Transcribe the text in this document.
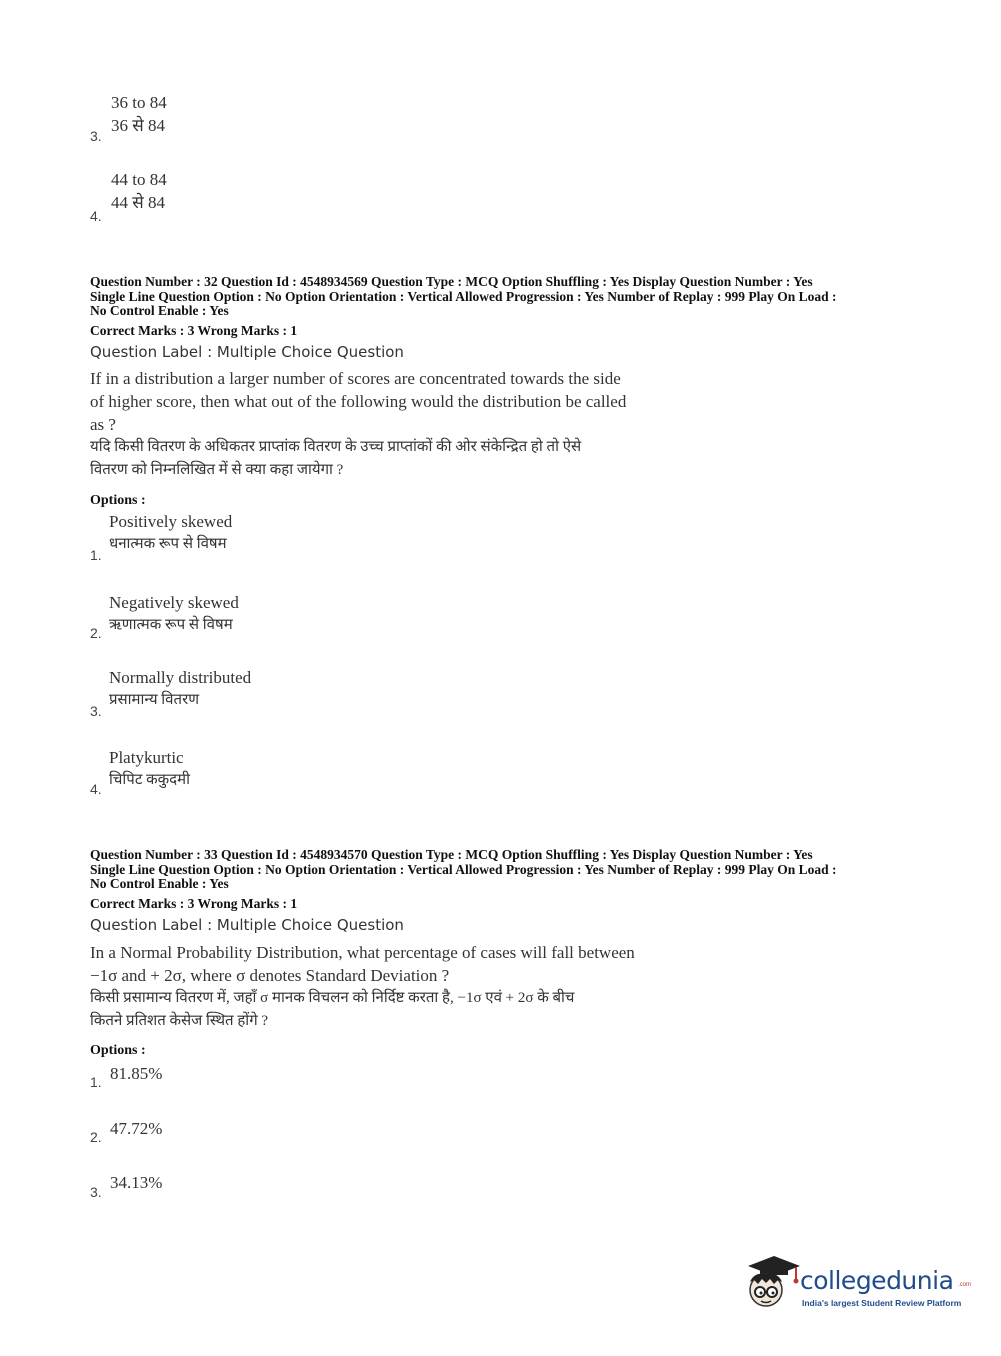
36 to 84
36 से 84
3.
44 to 84
44 से 84
4.
Question Number : 32 Question Id : 4548934569 Question Type : MCQ Option Shuffling : Yes Display Question Number : Yes
Single Line Question Option : No Option Orientation : Vertical Allowed Progression : Yes Number of Replay : 999 Play On Load :
No Control Enable : Yes
Correct Marks : 3 Wrong Marks : 1
Question Label : Multiple Choice Question
If in a distribution a larger number of scores are concentrated towards the side
of higher score, then what out of the following would the distribution be called
as ?
यदि किसी वितरण के अधिकतर प्राप्तांक वितरण के उच्च प्राप्तांकों की ओर संकेन्द्रित हो तो ऐसे
वितरण को निम्नलिखित में से क्या कहा जायेगा ?
Options :
Positively skewed
धनात्मक रूप से विषम
1.
Negatively skewed
ऋणात्मक रूप से विषम
2.
Normally distributed
प्रसामान्य वितरण
3.
Platykurtic
चिपिट ककुदमी
4.
Question Number : 33 Question Id : 4548934570 Question Type : MCQ Option Shuffling : Yes Display Question Number : Yes
Single Line Question Option : No Option Orientation : Vertical Allowed Progression : Yes Number of Replay : 999 Play On Load :
No Control Enable : Yes
Correct Marks : 3 Wrong Marks : 1
Question Label : Multiple Choice Question
In a Normal Probability Distribution, what percentage of cases will fall between
−1σ and + 2σ, where σ denotes Standard Deviation ?
किसी प्रसामान्य वितरण में, जहाँ σ मानक विचलन को निर्दिष्ट करता है, −1σ एवं + 2σ के बीच
कितने प्रतिशत केसेज स्थित होंगे ?
Options :
81.85%
1.
47.72%
2.
34.13%
3.
collegedunia .com
India's largest Student Review Platform
